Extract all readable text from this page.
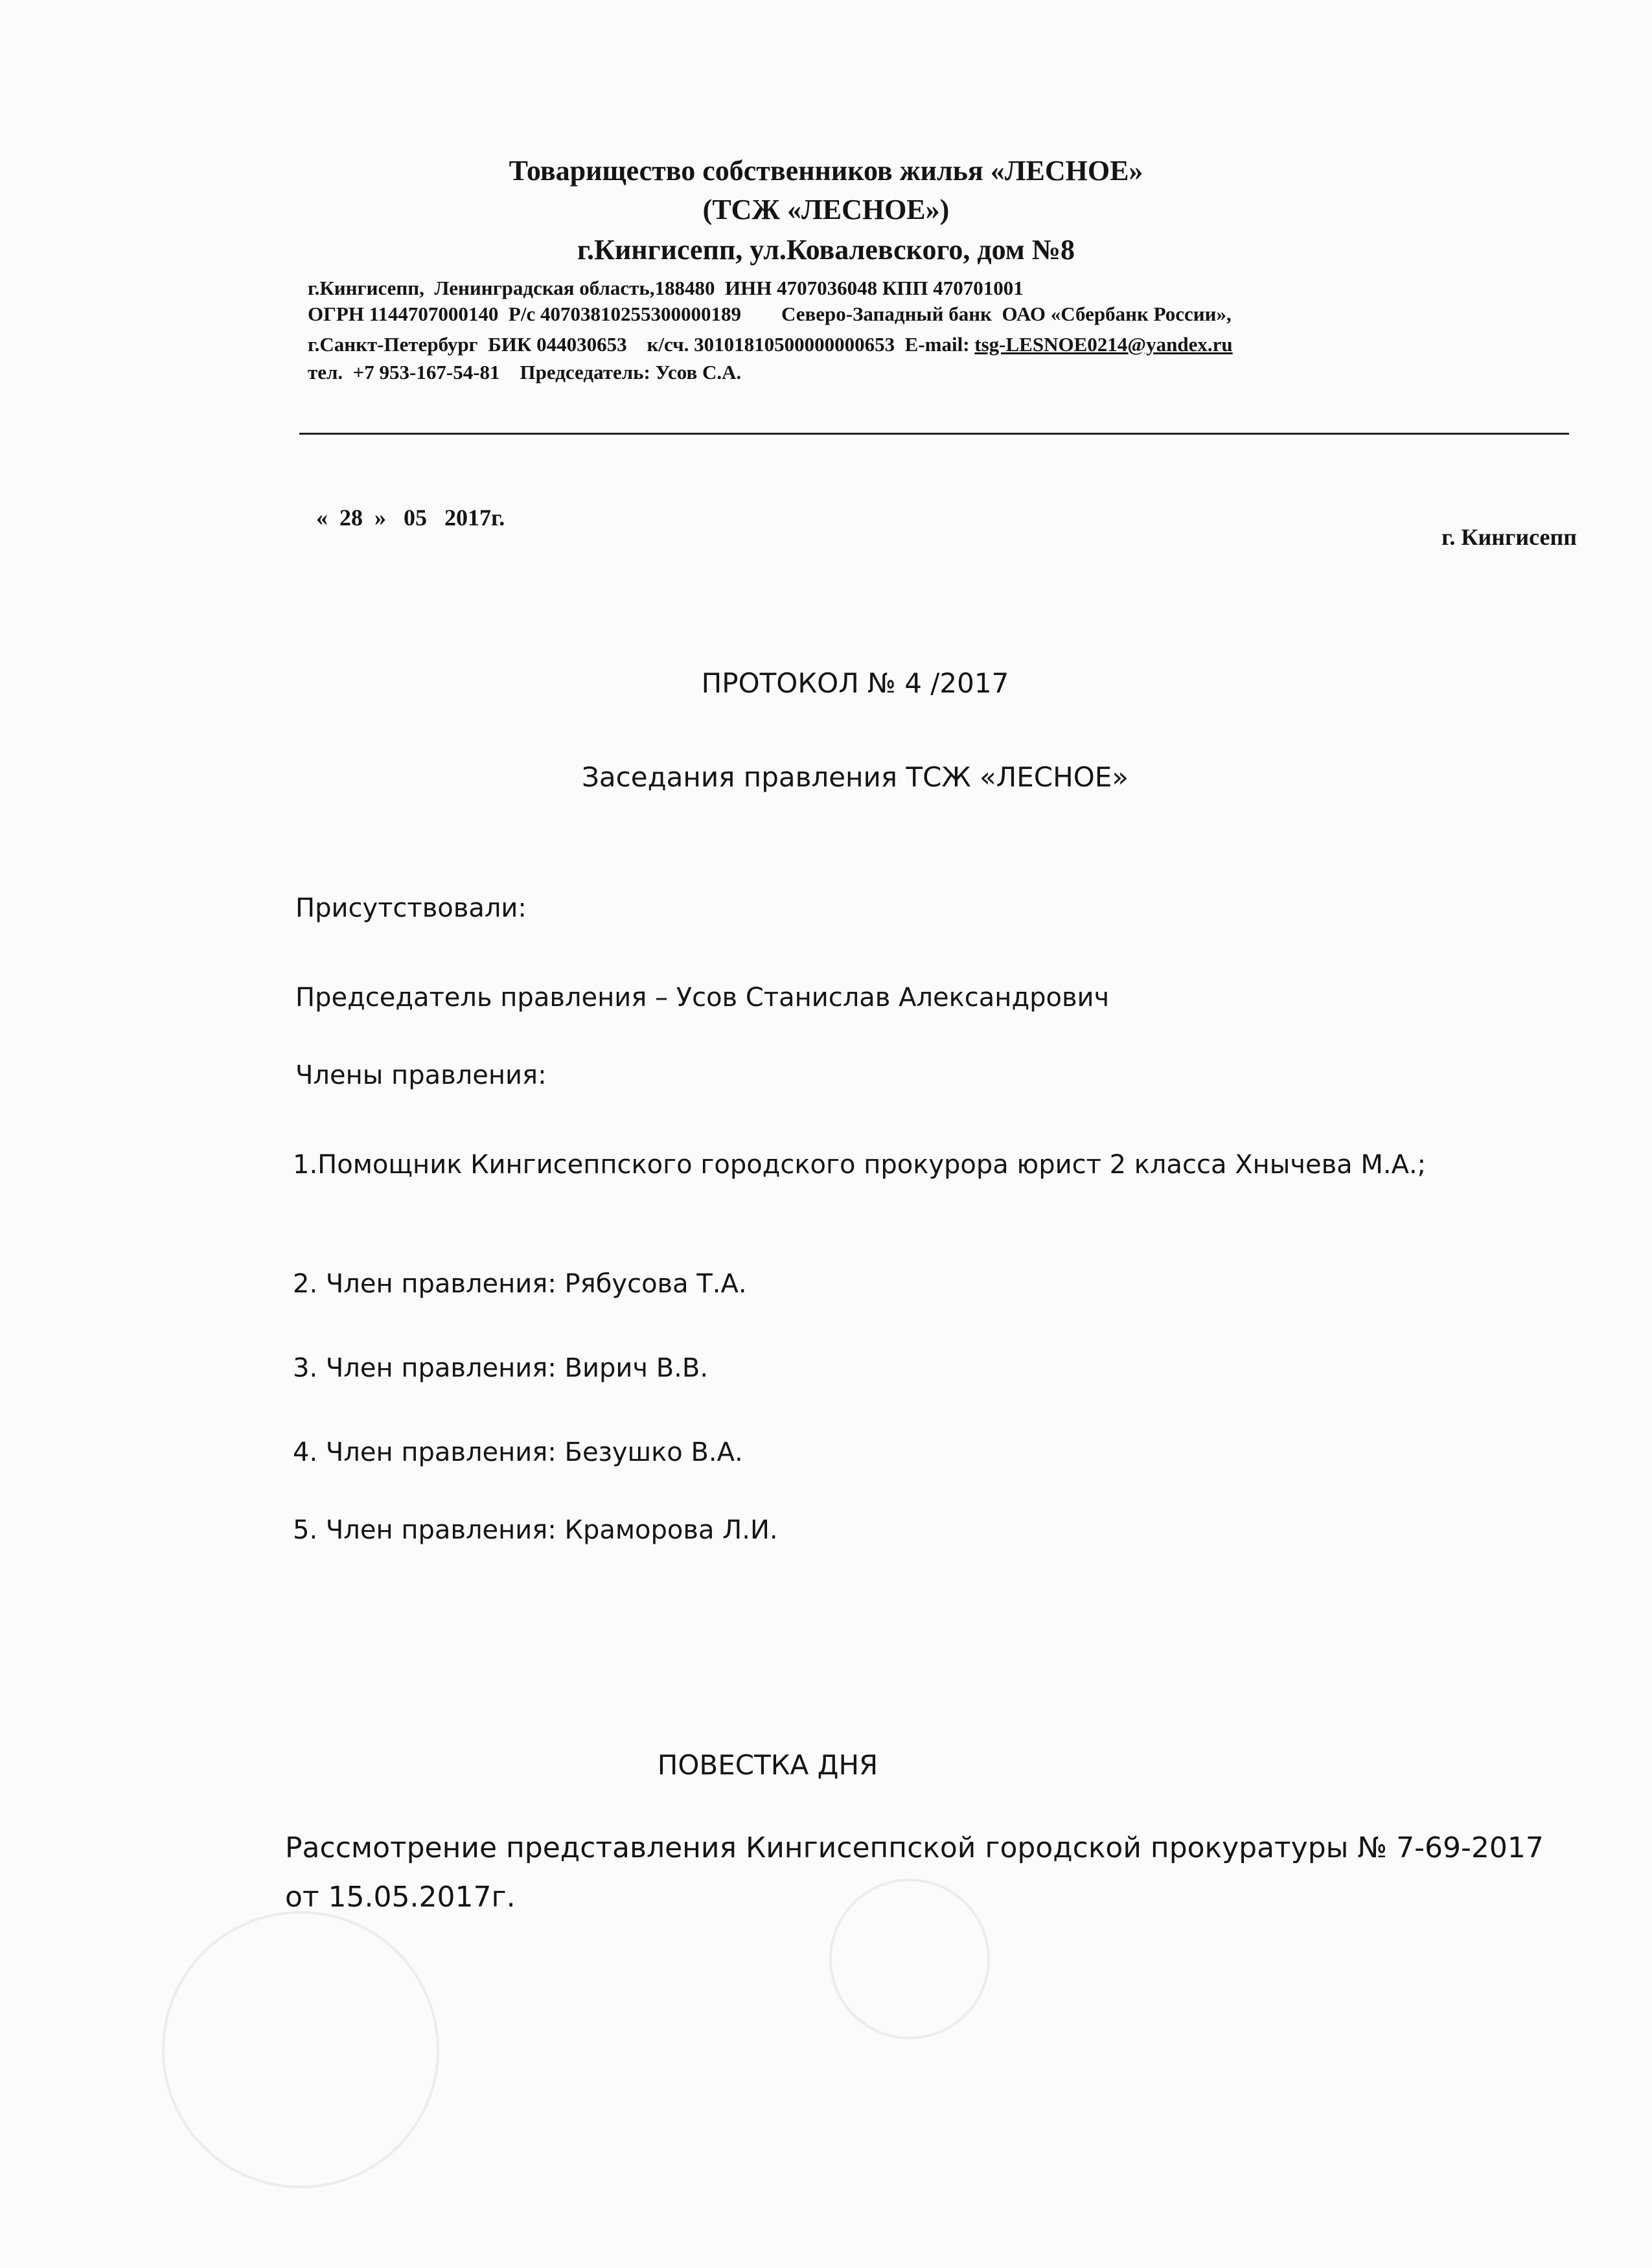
Товарищество собственников жилья «ЛЕСНОЕ»
(ТСЖ «ЛЕСНОЕ»)
г.Кингисепп, ул.Ковалевского, дом №8
г.Кингисепп,  Ленинградская область,188480  ИНН 4707036048 КПП 470701001
ОГРН 1144707000140  Р/с 40703810255300000189        Северо-Западный банк  ОАО «Сбербанк России»,
г.Санкт-Петербург  БИК 044030653    к/сч. 30101810500000000653  E-mail: tsg-LESNOE0214@yandex.ru
тел.  +7 953-167-54-81    Председатель: Усов С.А.
«  28  »   05   2017г.
г. Кингисепп
ПРОТОКОЛ № 4 /2017
Заседания правления ТСЖ «ЛЕСНОЕ»
Присутствовали:
Председатель правления – Усов Станислав Александрович
Члены правления:
1.Помощник Кингисеппского городского прокурора юрист 2 класса Хнычева М.А.;
2. Член правления: Рябусова Т.А.
3. Член правления: Вирич В.В.
4. Член правления: Безушко В.А.
5. Член правления: Краморова Л.И.
ПОВЕСТКА ДНЯ
Рассмотрение представления Кингисеппской городской прокуратуры № 7-69-2017 от 15.05.2017г.
